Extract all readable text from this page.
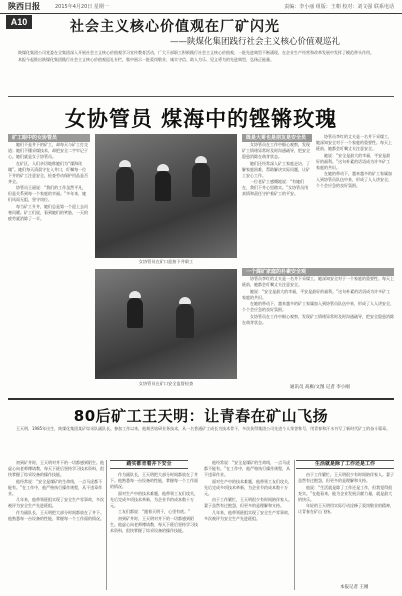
陕西日报	2015年4月20日 星期一	责编：李小丽 组版：王朝 校对：刘文强 联系电话
A10	社会主义核心价值观在厂矿闪光
——陕煤化集团践行社会主义核心价值观巡礼

陕煤化集团公司党委在全集团深入开展社会主义核心价值观学习宣传教育活动，广大干部职工积极践行社会主义核心价值观，一批先进典型不断涌现，在企业生产经营和改革发展中发挥了模范带头作用。

本报今起推出陕煤化集团践行社会主义核心价值观巡礼专栏，集中展示一批爱岗敬业、诚实守信、助人为乐、见义勇为的先进典型，弘扬正能量。

女协管员 煤海中的铿锵玫瑰
矿工眼中的女协管员

她们不是井下的矿工，却每天与矿工打交道；她们不懂采煤技术，却把安全二字牢记于心。她们就是女子协管员。

在矿区，人们亲切地称她们为“煤海玫瑰”。她们每天清晨守在入井口，叮嘱每一位下井的矿工注意安全，检查劳动保护用品是否齐全。

协管员王丽说：“我们的工作虽然平凡，但是关系到每一个家庭的幸福。”多年来，她们风雨无阻，坚守岗位。

每当矿工升井，她们总是第一个迎上去问寒问暖。矿工们说，看到她们的笑脸，一天的疲劳就消除了一半。

女协管员在矿口迎接下井职工
女协管员在矿口安全监督检查
既是大哥也是朋友是安全员

女协管员在工作中细心观察，发现矿工情绪异常时及时沟通疏导，把安全隐患消除在萌芽状态。

她们还经常深入矿工家庭走访，了解家庭困难，帮助解决实际问题，让矿工安心工作。

一位老矿工感慨地说：“有她们在，我们下井心里踏实。”女协管员用真情和责任守护着矿工的平安。

协管员李红的丈夫是一名井下采煤工，她深知安全对于一个家庭的重要性。每天上班前，她都会叮嘱丈夫注意安全。

她说：“安全是最大的幸福，平安是最好的福利。”这句朴素的话语成为许多矿工家庭的共识。

在她的带动下，越来越多的矿工家属加入到协管员队伍中来，形成了人人讲安全、个个会应急的良好氛围。

一个煤矿家庭的朴素安全观

协管员李红的丈夫是一名井下采煤工，她深知安全对于一个家庭的重要性。每天上班前，她都会叮嘱丈夫注意安全。

她说：“安全是最大的幸福，平安是最好的福利。”这句朴素的话语成为许多矿工家庭的共识。

在她的带动下，越来越多的矿工家属加入到协管员队伍中来，形成了人人讲安全、个个会应急的良好氛围。

女协管员在工作中细心观察，发现矿工情绪异常时及时沟通疏导，把安全隐患消除在萌芽状态。

通讯员 高雁/文图 记者 李小刚
80后矿工王天明：让青春在矿山飞扬

王天明，1985年出生，陕煤化集团某矿综采队副队长。参加工作以来，他刻苦钻研业务技术，从一名普通矿工成长为技术骨干，多次获得集团公司先进个人荣誉称号，用青春和汗水书写了新时代矿工的奋斗篇章。

踏实都肯着井下安全	生活就是除了工作还是工作

初到矿井时，王天明对井下的一切都感到陌生。他虚心向老师傅请教，每天下班后坚持学习技术资料，很快掌握了综采设备的操作技能。

他经常说：“安全是煤矿的生命线，一点马虎都不能有。”在工作中，他严格执行操作规程，从不违章作业。

几年来，他带领班组实现了安全生产零事故，多次被评为安全生产先进班组。

作为副队长，王天明把大部分时间都放在了井下。他熟悉每一台设备的性能，掌握每一个工作面的情况。

作为副队长，王天明把大部分时间都放在了井下。他熟悉每一台设备的性能，掌握每一个工作面的情况。

面对生产中的技术难题，他带领工友们攻关，先后完成多项技术革新，为企业节约成本数十万元。

工友们都说：“跟着天明干，心里有底。”

初到矿井时，王天明对井下的一切都感到陌生。他虚心向老师傅请教，每天下班后坚持学习技术资料，很快掌握了综采设备的操作技能。

他经常说：“安全是煤矿的生命线，一点马虎都不能有。”在工作中，他严格执行操作规程，从不违章作业。

面对生产中的技术难题，他带领工友们攻关，先后完成多项技术革新，为企业节约成本数十万元。

由于工作繁忙，王天明很少有时间陪伴家人。妻子虽然有过抱怨，但更多的是理解和支持。

几年来，他带领班组实现了安全生产零事故，多次被评为安全生产先进班组。

由于工作繁忙，王天明很少有时间陪伴家人。妻子虽然有过抱怨，但更多的是理解和支持。

他说：“生活就是除了工作还是工作，但我觉得很充实。”在他看来，能为企业发展贡献力量，就是最大的快乐。

年轻的王天明用实际行动诠释了爱岗敬业的精神，让青春在矿山飞扬。

本报记者 王刚
